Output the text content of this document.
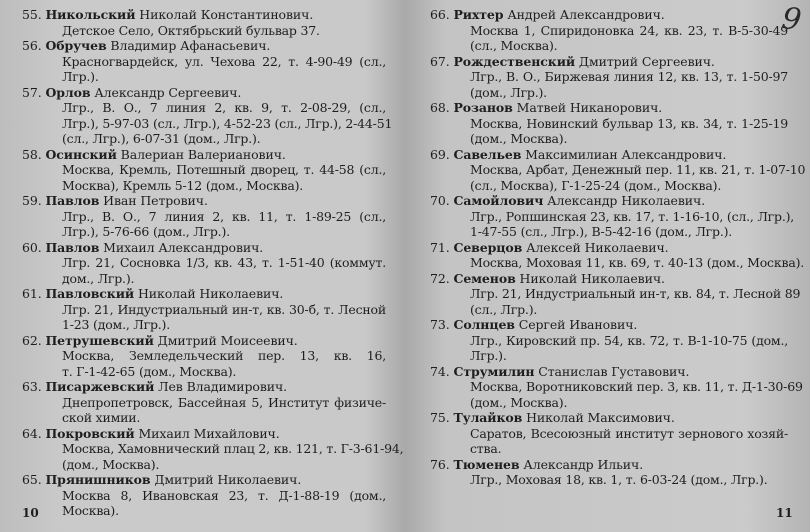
55. Никольский Николай Константинович.
Детское Село, Октябрьский бульвар 37.
56. Обручев Владимир Афанасьевич.
Красногвардейск, ул. Чехова 22, т. 4-90-49 (сл.,
Лгр.).
57. Орлов Александр Сергеевич.
Лгр., В. О., 7 линия 2, кв. 9, т. 2-08-29, (сл.,
Лгр.), 5-97-03 (сл., Лгр.), 4-52-23 (сл., Лгр.), 2-44-51
(сл., Лгр.), 6-07-31 (дом., Лгр.).
58. Осинский Валериан Валерианович.
Москва, Кремль, Потешный дворец, т. 44-58 (сл.,
Москва), Кремль 5-12 (дом., Москва).
59. Павлов Иван Петрович.
Лгр., В. О., 7 линия 2, кв. 11, т. 1-89-25 (сл.,
Лгр.), 5-76-66 (дом., Лгр.).
60. Павлов Михаил Александрович.
Лгр. 21, Сосновка 1/3, кв. 43, т. 1-51-40 (коммут.
дом., Лгр.).
61. Павловский Николай Николаевич.
Лгр. 21, Индустриальный ин-т, кв. 30-б, т. Лесной
1-23 (дом., Лгр.).
62. Петрушевский Дмитрий Моисеевич.
Москва, Земледельческий пер. 13, кв. 16,
т. Г-1-42-65 (дом., Москва).
63. Писаржевский Лев Владимирович.
Днепропетровск, Бассейная 5, Институт физиче-
ской химии.
64. Покровский Михаил Михайлович.
Москва, Хамовнический плац 2, кв. 121, т. Г-3-61-94,
(дом., Москва).
65. Прянишников Дмитрий Николаевич.
Москва 8, Ивановская 23, т. Д-1-88-19 (дом.,
Москва).
66. Рихтер Андрей Александрович.
Москва 1, Спиридоновка 24, кв. 23, т. В-5-30-49
(сл., Москва).
67. Рождественский Дмитрий Сергеевич.
Лгр., В. О., Биржевая линия 12, кв. 13, т. 1-50-97
(дом., Лгр.).
68. Розанов Матвей Никанорович.
Москва, Новинский бульвар 13, кв. 34, т. 1-25-19
(дом., Москва).
69. Савельев Максимилиан Александрович.
Москва, Арбат, Денежный пер. 11, кв. 21, т. 1-07-10
(сл., Москва), Г-1-25-24 (дом., Москва).
70. Самойлович Александр Николаевич.
Лгр., Ропшинская 23, кв. 17, т. 1-16-10, (сл., Лгр.),
1-47-55 (сл., Лгр.), В-5-42-16 (дом., Лгр.).
71. Северцов Алексей Николаевич.
Москва, Моховая 11, кв. 69, т. 40-13 (дом., Москва).
72. Семенов Николай Николаевич.
Лгр. 21, Индустриальный ин-т, кв. 84, т. Лесной 89
(сл., Лгр.).
73. Солнцев Сергей Иванович.
Лгр., Кировский пр. 54, кв. 72, т. В-1-10-75 (дом.,
Лгр.).
74. Струмилин Станислав Густавович.
Москва, Воротниковский пер. 3, кв. 11, т. Д-1-30-69
(дом., Москва).
75. Тулайков Николай Максимович.
Саратов, Всесоюзный институт зернового хозяй-
ства.
76. Тюменев Александр Ильич.
Лгр., Моховая 18, кв. 1, т. 6-03-24 (дом., Лгр.).
10	11
9
